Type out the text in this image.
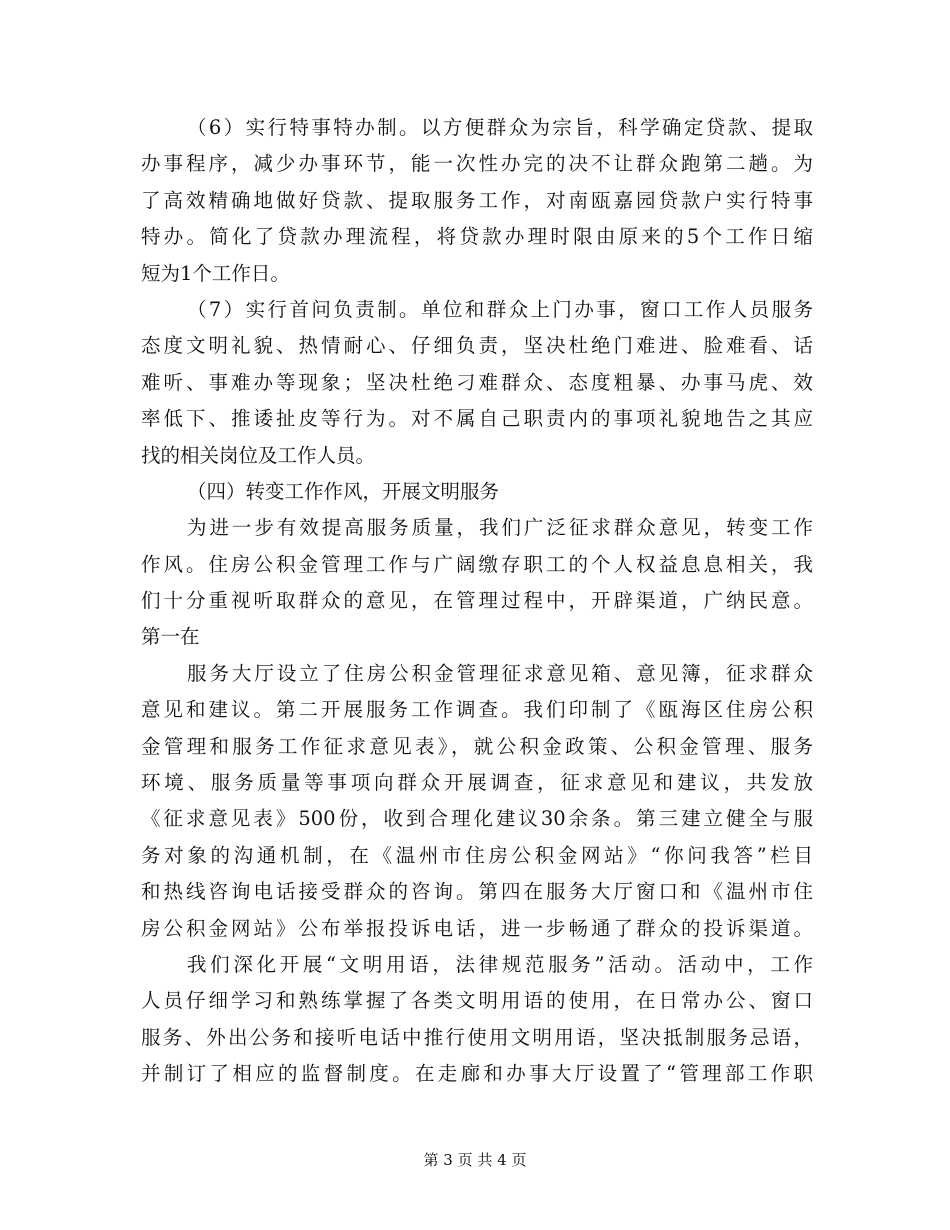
（6）实行特事特办制。以方便群众为宗旨，科学确定贷款、提取
办事程序，减少办事环节，能一次性办完的决不让群众跑第二趟。为
了高效精确地做好贷款、提取服务工作，对南瓯嘉园贷款户实行特事
特办。简化了贷款办理流程，将贷款办理时限由原来的5个工作日缩
短为1个工作日。
（7）实行首问负责制。单位和群众上门办事，窗口工作人员服务
态度文明礼貌、热情耐心、仔细负责，坚决杜绝门难进、脸难看、话
难听、事难办等现象；坚决杜绝刁难群众、态度粗暴、办事马虎、效
率低下、推诿扯皮等行为。对不属自己职责内的事项礼貌地告之其应
找的相关岗位及工作人员。
（四）转变工作作风，开展文明服务
为进一步有效提高服务质量，我们广泛征求群众意见，转变工作
作风。住房公积金管理工作与广阔缴存职工的个人权益息息相关，我
们十分重视听取群众的意见，在管理过程中，开辟渠道，广纳民意。
第一在
服务大厅设立了住房公积金管理征求意见箱、意见簿，征求群众
意见和建议。第二开展服务工作调查。我们印制了《瓯海区住房公积
金管理和服务工作征求意见表》，就公积金政策、公积金管理、服务
环境、服务质量等事项向群众开展调查，征求意见和建议，共发放
《征求意见表》500份，收到合理化建议30余条。第三建立健全与服
务对象的沟通机制，在《温州市住房公积金网站》“你问我答”栏目
和热线咨询电话接受群众的咨询。第四在服务大厅窗口和《温州市住
房公积金网站》公布举报投诉电话，进一步畅通了群众的投诉渠道。
我们深化开展“文明用语，法律规范服务”活动。活动中，工作
人员仔细学习和熟练掌握了各类文明用语的使用，在日常办公、窗口
服务、外出公务和接听电话中推行使用文明用语，坚决抵制服务忌语，
并制订了相应的监督制度。在走廊和办事大厅设置了“管理部工作职
第 3 页 共 4 页
